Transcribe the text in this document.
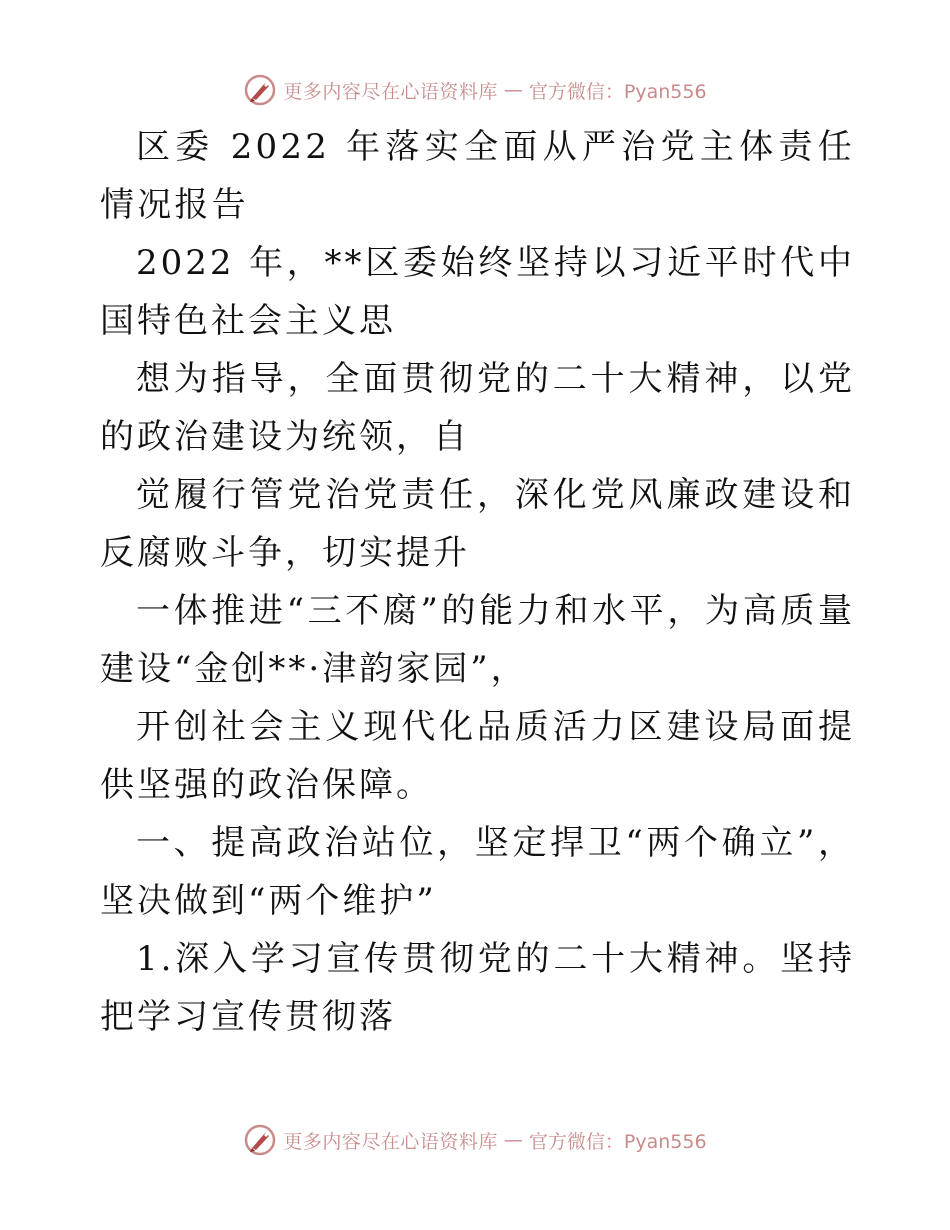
更多内容尽在心语资料库 — 官方微信：Pyan556

区委 2022 年落实全面从严治党主体责任情况报告

2022 年，**区委始终坚持以习近平时代中国特色社会主义思

想为指导，全面贯彻党的二十大精神，以党的政治建设为统领，自

觉履行管党治党责任，深化党风廉政建设和反腐败斗争，切实提升

一体推进“三不腐”的能力和水平，为高质量建设“金创**·津韵家园”，

开创社会主义现代化品质活力区建设局面提供坚强的政治保障。

一、提高政治站位，坚定捍卫“两个确立”，坚决做到“两个维护”

1.深入学习宣传贯彻党的二十大精神。坚持把学习宣传贯彻落

更多内容尽在心语资料库 — 官方微信：Pyan556
